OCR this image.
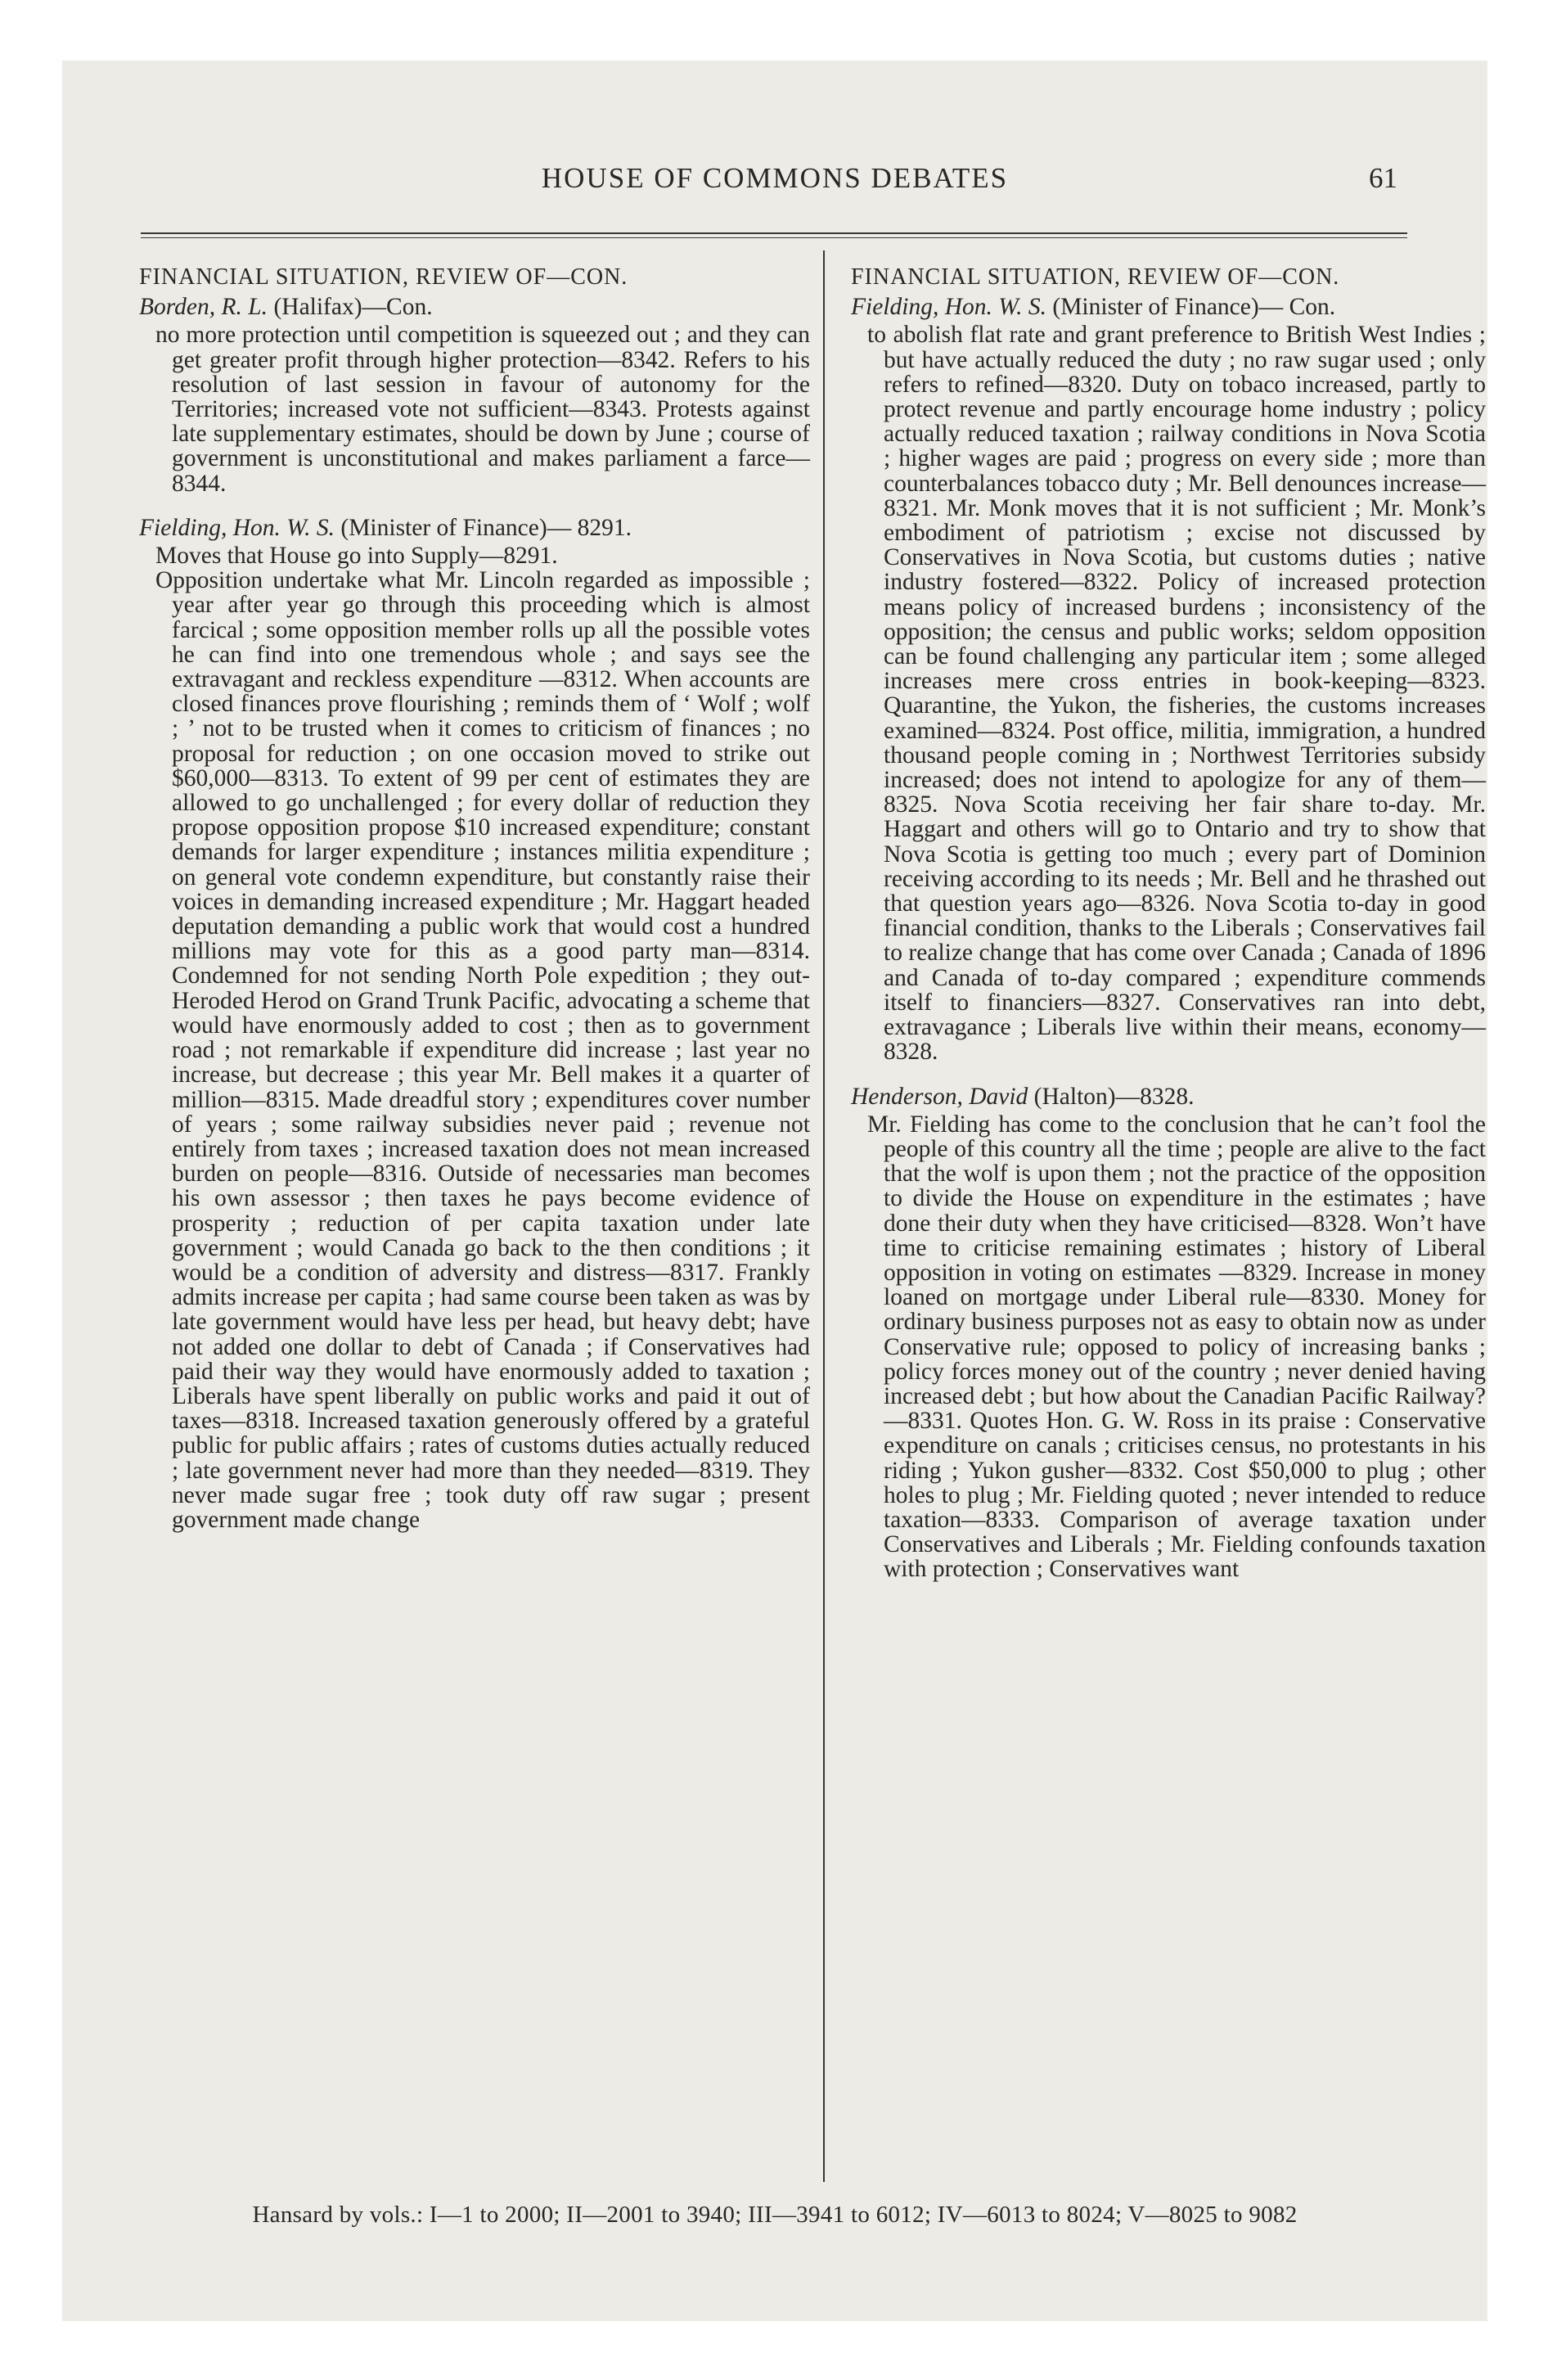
HOUSE OF COMMONS DEBATES	61
FINANCIAL SITUATION, REVIEW OF—CON.
Borden, R. L. (Halifax)—Con.

no more protection until competition is squeezed out ; and they can get greater profit through higher protection—8342. Refers to his resolution of last session in favour of autonomy for the Territories; increased vote not sufficient—8343. Protests against late supplementary estimates, should be down by June ; course of government is unconstitutional and makes parliament a farce—8344.

Fielding, Hon. W. S. (Minister of Finance)— 8291.

Moves that House go into Supply—8291.

Opposition undertake what Mr. Lincoln regarded as impossible ; year after year go through this proceeding which is almost farcical ; some opposition member rolls up all the possible votes he can find into one tremendous whole ; and says see the extravagant and reckless expenditure —8312. When accounts are closed finances prove flourishing ; reminds them of ‘ Wolf ; wolf ; ’ not to be trusted when it comes to criticism of finances ; no proposal for reduction ; on one occasion moved to strike out $60,000—8313. To extent of 99 per cent of estimates they are allowed to go unchallenged ; for every dollar of reduction they propose opposition propose $10 increased expenditure; constant demands for larger expenditure ; instances militia expenditure ; on general vote condemn expenditure, but constantly raise their voices in demanding increased expenditure ; Mr. Haggart headed deputation demanding a public work that would cost a hundred millions may vote for this as a good party man—8314. Condemned for not sending North Pole expedition ; they out-Heroded Herod on Grand Trunk Pacific, advocating a scheme that would have enormously added to cost ; then as to government road ; not remarkable if expenditure did increase ; last year no increase, but decrease ; this year Mr. Bell makes it a quarter of million—8315. Made dreadful story ; expenditures cover number of years ; some railway subsidies never paid ; revenue not entirely from taxes ; increased taxation does not mean increased burden on people—8316. Outside of necessaries man becomes his own assessor ; then taxes he pays become evidence of prosperity ; reduction of per capita taxation under late government ; would Canada go back to the then conditions ; it would be a condition of adversity and distress—8317. Frankly admits increase per capita ; had same course been taken as was by late government would have less per head, but heavy debt; have not added one dollar to debt of Canada ; if Conservatives had paid their way they would have enormously added to taxation ; Liberals have spent liberally on public works and paid it out of taxes—8318. Increased taxation generously offered by a grateful public for public affairs ; rates of customs duties actually reduced ; late government never had more than they needed—8319. They never made sugar free ; took duty off raw sugar ; present government made change

FINANCIAL SITUATION, REVIEW OF—CON.
Fielding, Hon. W. S. (Minister of Finance)— Con.

to abolish flat rate and grant preference to British West Indies ; but have actually reduced the duty ; no raw sugar used ; only refers to refined—8320. Duty on tobaco increased, partly to protect revenue and partly encourage home industry ; policy actually reduced taxation ; railway conditions in Nova Scotia ; higher wages are paid ; progress on every side ; more than counterbalances tobacco duty ; Mr. Bell denounces increase—8321. Mr. Monk moves that it is not sufficient ; Mr. Monk’s embodiment of patriotism ; excise not discussed by Conservatives in Nova Scotia, but customs duties ; native industry fostered—8322. Policy of increased protection means policy of increased burdens ; inconsistency of the opposition; the census and public works; seldom opposition can be found challenging any particular item ; some alleged increases mere cross entries in book-keeping—8323. Quarantine, the Yukon, the fisheries, the customs increases examined—8324. Post office, militia, immigration, a hundred thousand people coming in ; Northwest Territories subsidy increased; does not intend to apologize for any of them— 8325. Nova Scotia receiving her fair share to-day. Mr. Haggart and others will go to Ontario and try to show that Nova Scotia is getting too much ; every part of Dominion receiving according to its needs ; Mr. Bell and he thrashed out that question years ago—8326. Nova Scotia to-day in good financial condition, thanks to the Liberals ; Conservatives fail to realize change that has come over Canada ; Canada of 1896 and Canada of to-day compared ; expenditure commends itself to financiers—8327. Conservatives ran into debt, extravagance ; Liberals live within their means, economy—8328.

Henderson, David (Halton)—8328.

Mr. Fielding has come to the conclusion that he can’t fool the people of this country all the time ; people are alive to the fact that the wolf is upon them ; not the practice of the opposition to divide the House on expenditure in the estimates ; have done their duty when they have criticised—8328. Won’t have time to criticise remaining estimates ; history of Liberal opposition in voting on estimates —8329. Increase in money loaned on mortgage under Liberal rule—8330. Money for ordinary business purposes not as easy to obtain now as under Conservative rule; opposed to policy of increasing banks ; policy forces money out of the country ; never denied having increased debt ; but how about the Canadian Pacific Railway? —8331. Quotes Hon. G. W. Ross in its praise : Conservative expenditure on canals ; criticises census, no protestants in his riding ; Yukon gusher—8332. Cost $50,000 to plug ; other holes to plug ; Mr. Fielding quoted ; never intended to reduce taxation—8333. Comparison of average taxation under Conservatives and Liberals ; Mr. Fielding confounds taxation with protection ; Conservatives want

Hansard by vols.: I—1 to 2000; II—2001 to 3940; III—3941 to 6012; IV—6013 to 8024; V—8025 to 9082
